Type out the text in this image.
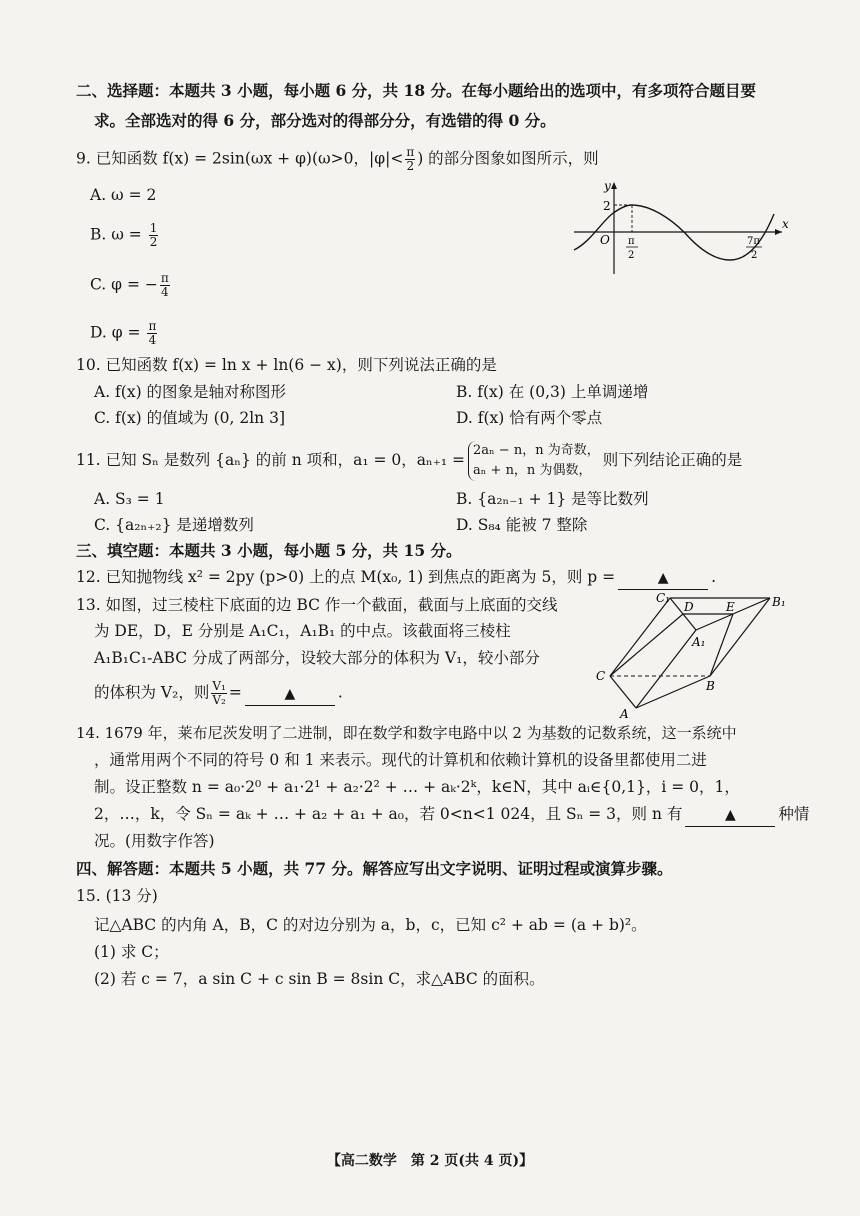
二、选择题：本题共 3 小题，每小题 6 分，共 18 分。在每小题给出的选项中，有多项符合题目要
求。全部选对的得 6 分，部分选对的得部分分，有选错的得 0 分。
9. 已知函数 f(x) = 2sin(ωx + φ)(ω>0，$|\varphi|< \frac{\pi}{2}$ ) 的部分图象如图所示，则
A. ω = 2
B. $\omega = \frac{1}{2}$
C. φ = − $\frac{\pi}{4}$
D. $\varphi = \frac{\pi}{4}$
y
x
O
2
π
2
7π
2
10. 已知函数 f(x) = ln x + ln(6 − x)，则下列说法正确的是
A. f(x) 的图象是轴对称图形	B. f(x) 在 (0,3) 上单调递增
C. f(x) 的值域为 (0, 2ln 3]	D. f(x) 恰有两个零点
11. 已知 Sₙ 是数列 {aₙ} 的前 n 项和，a₁ = 0，aₙ₊₁ =
2aₙ − n，n 为奇数，
aₙ + n，n 为偶数，
则下列结论正确的是
A. S₃ = 1	B. {a₂ₙ₋₁ + 1} 是等比数列
C. {a₂ₙ₊₂} 是递增数列	D. S₈₄ 能被 7 整除
三、填空题：本题共 3 小题，每小题 5 分，共 15 分。
12. 已知抛物线 x² = 2py (p>0) 上的点 M(x₀, 1) 到焦点的距离为 5，则 p =	▲	.
13. 如图，过三棱柱下底面的边 BC 作一个截面，截面与上底面的交线
为 DE，D，E 分别是 A₁C₁，A₁B₁ 的中点。该截面将三棱柱
A₁B₁C₁-ABC 分成了两部分，设较大部分的体积为 V₁，较小部分
的体积为 V₂，则 $\frac{\text{V₁}}{\text{V₂}}$ =	▲	.
C₁
D	E	B₁
A₁
C
B
A
14. 1679 年，莱布尼茨发明了二进制，即在数学和数字电路中以 2 为基数的记数系统，这一系统中
，通常用两个不同的符号 0 和 1 来表示。现代的计算机和依赖计算机的设备里都使用二进
制。设正整数 n = a₀·2⁰ + a₁·2¹ + a₂·2² + … + aₖ·2ᵏ，k∈N，其中 aᵢ∈{0,1}，i = 0，1，
2，…，k，令 Sₙ = aₖ + … + a₂ + a₁ + a₀，若 0<n<1 024，且 Sₙ = 3，则 n 有	▲	种情
况。(用数字作答)
四、解答题：本题共 5 小题，共 77 分。解答应写出文字说明、证明过程或演算步骤。
15. (13 分)
记△ABC 的内角 A，B，C 的对边分别为 a，b，c，已知 c² + ab = (a + b)²。
(1) 求 C；
(2) 若 c = 7，a sin C + c sin B = 8sin C，求△ABC 的面积。
【高二数学　第 2 页(共 4 页)】
